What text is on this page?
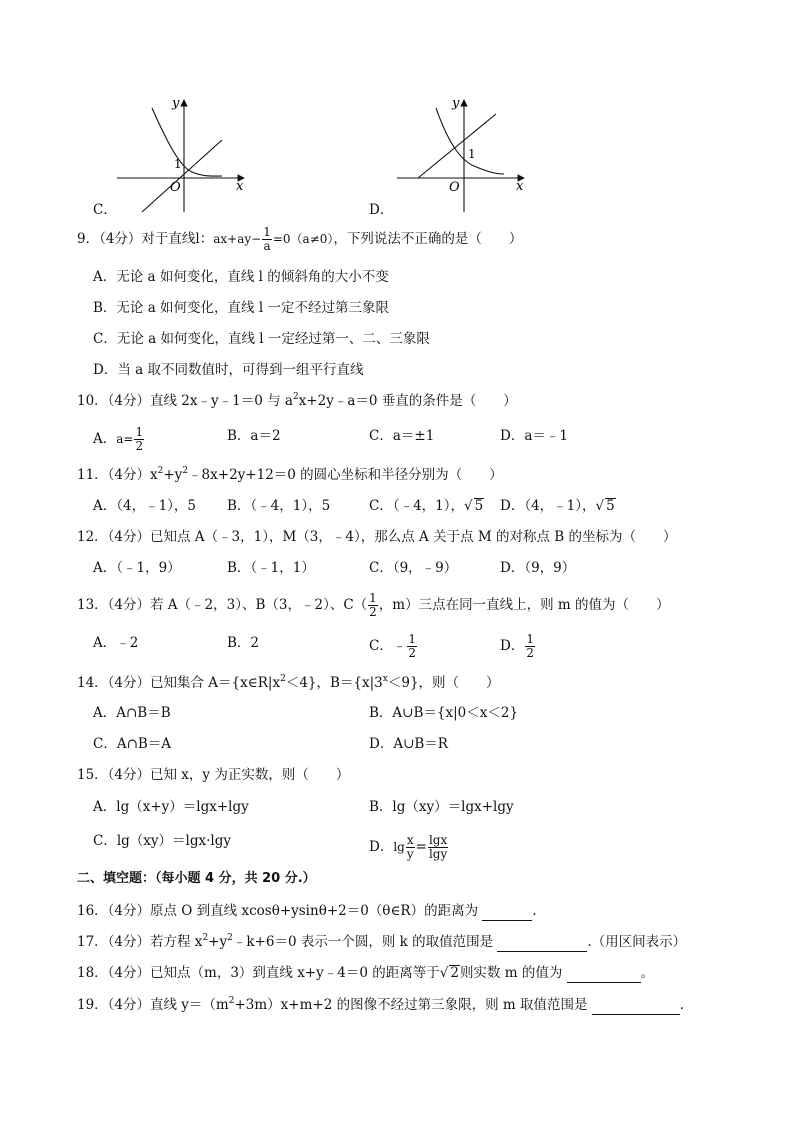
y
x
O
1
y
x
O
1
C．	D．
9．（4分）对于直线l：$ax+ay- \frac{1}{a} =0(a\ne 0)$，下列说法不正确的是（　　）
A．无论 a 如何变化，直线 l 的倾斜角的大小不变
B．无论 a 如何变化，直线 l 一定不经过第三象限
C．无论 a 如何变化，直线 l 一定经过第一、二、三象限
D．当 a 取不同数值时，可得到一组平行直线
10．（4分）直线 2x﹣y﹣1＝0 与 $a^2x+2y﹣a=0$ 垂直的条件是（　　）
A．$a= \frac{1}{2}$	B．a＝2	C．a＝±1	D．a＝﹣1
11．（4分）$x^2+y^2﹣8x+2y+12=0$ 的圆心坐标和半径分别为（　　）
A．（4，﹣1），5 B．（﹣4，1），5	C．（﹣4，1），√ 5 D．（4，﹣1），√ 5
12．（4分）已知点 A（﹣3，1），M（3，﹣4），那么点 A 关于点 M 的对称点 B 的坐标为（　　）
A．（﹣1，9）	B．（﹣1，1）	C．（9，﹣9）	D．（9，9）
13．（4分）若 A（﹣2，3）、B（3，﹣2）、$C( \frac{1}{2}$ ，m）三点在同一直线上，则 m 的值为（　　）
A．﹣2	B．2	C．﹣ $\frac{1}{2}$	D． $\frac{1}{2}$
14．（4分）已知集合 $A=\{x\in R|x^2<4\}$，$B=\{x|3^x<9\}$，则（　　）
A．A∩B＝B	B．A∪B＝{x|0＜x＜2}
C．A∩B＝A	D．A∪B＝R
15．（4分）已知 x，y 为正实数，则（　　）
A．lg（x+y）＝lgx+lgy	B．lg（xy）＝lgx+lgy
C．lg（xy）＝lgx·lgy	D．$\lg \frac{x}{y} = \frac{\lg x}{\lg y}$
二、填空题：（每小题 4 分，共 20 分.）
16．（4分）原点 O 到直线 xcosθ+ysinθ+2＝0（θ∈R）的距离为	．
17．（4分）若方程 $x^2+y^2﹣k+6=0$ 表示一个圆，则 k 的取值范围是	.（用区间表示）
18．（4分）已知点（m，3）到直线 x+y﹣4＝0 的距离等于√ 2则实数 m 的值为	。
19．（4分）直线 $y=(m^2+3m)x+m+2$ 的图像不经过第三象限，则 m 取值范围是	．
